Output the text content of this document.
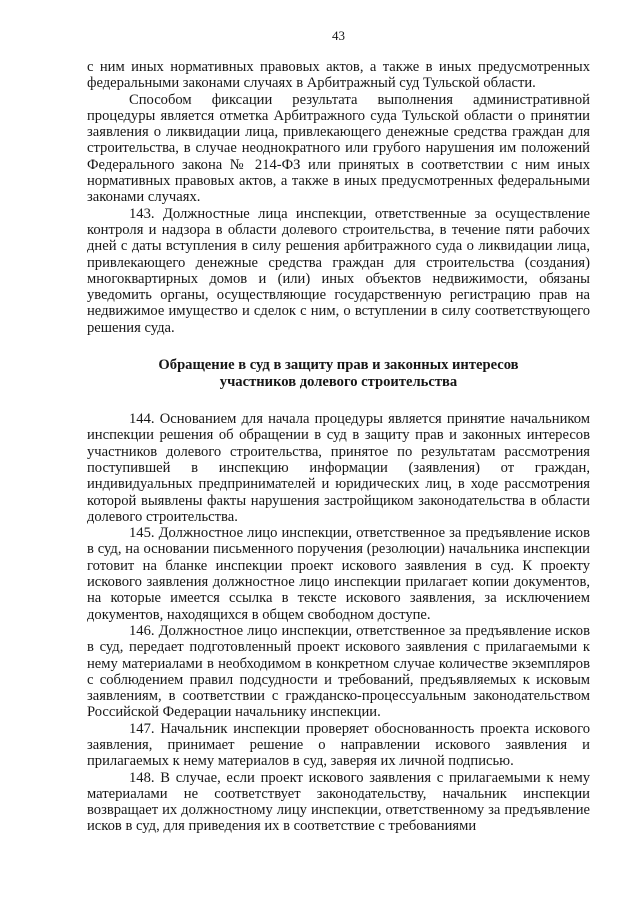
43

с ним иных нормативных правовых актов, а также в иных предусмотренных федеральными законами случаях в Арбитражный суд Тульской области.

Способом фиксации результата выполнения административной процедуры является отметка Арбитражного суда Тульской области о принятии заявления о ликвидации лица, привлекающего денежные средства граждан для строительства, в случае неоднократного или грубого нарушения им положений Федерального закона № 214-ФЗ или принятых в соответствии с ним иных нормативных правовых актов, а также в иных предусмотренных федеральными законами случаях.

143. Должностные лица инспекции, ответственные за осуществление контроля и надзора в области долевого строительства, в течение пяти рабочих дней с даты вступления в силу решения арбитражного суда о ликвидации лица, привлекающего денежные средства граждан для строительства (создания) многоквартирных домов и (или) иных объектов недвижимости, обязаны уведомить органы, осуществляющие государственную регистрацию прав на недвижимое имущество и сделок с ним, о вступлении в силу соответствующего решения суда.

Обращение в суд в защиту прав и законных интересов
участников долевого строительства

144. Основанием для начала процедуры является принятие начальником инспекции решения об обращении в суд в защиту прав и законных интересов участников долевого строительства, принятое по результатам рассмотрения поступившей в инспекцию информации (заявления) от граждан, индивидуальных предпринимателей и юридических лиц, в ходе рассмотрения которой выявлены факты нарушения застройщиком законодательства в области долевого строительства.

145. Должностное лицо инспекции, ответственное за предъявление исков в суд, на основании письменного поручения (резолюции) начальника инспекции готовит на бланке инспекции проект искового заявления в суд. К проекту искового заявления должностное лицо инспекции прилагает копии документов, на которые имеется ссылка в тексте искового заявления, за исключением документов, находящихся в общем свободном доступе.

146. Должностное лицо инспекции, ответственное за предъявление исков в суд, передает подготовленный проект искового заявления с прилагаемыми к нему материалами в необходимом в конкретном случае количестве экземпляров с соблюдением правил подсудности и требований, предъявляемых к исковым заявлениям, в соответствии с гражданско-процессуальным законодательством Российской Федерации начальнику инспекции.

147. Начальник инспекции проверяет обоснованность проекта искового заявления, принимает решение о направлении искового заявления и прилагаемых к нему материалов в суд, заверяя их личной подписью.

148. В случае, если проект искового заявления с прилагаемыми к нему материалами не соответствует законодательству, начальник инспекции возвращает их должностному лицу инспекции, ответственному за предъявление исков в суд, для приведения их в соответствие с требованиями
